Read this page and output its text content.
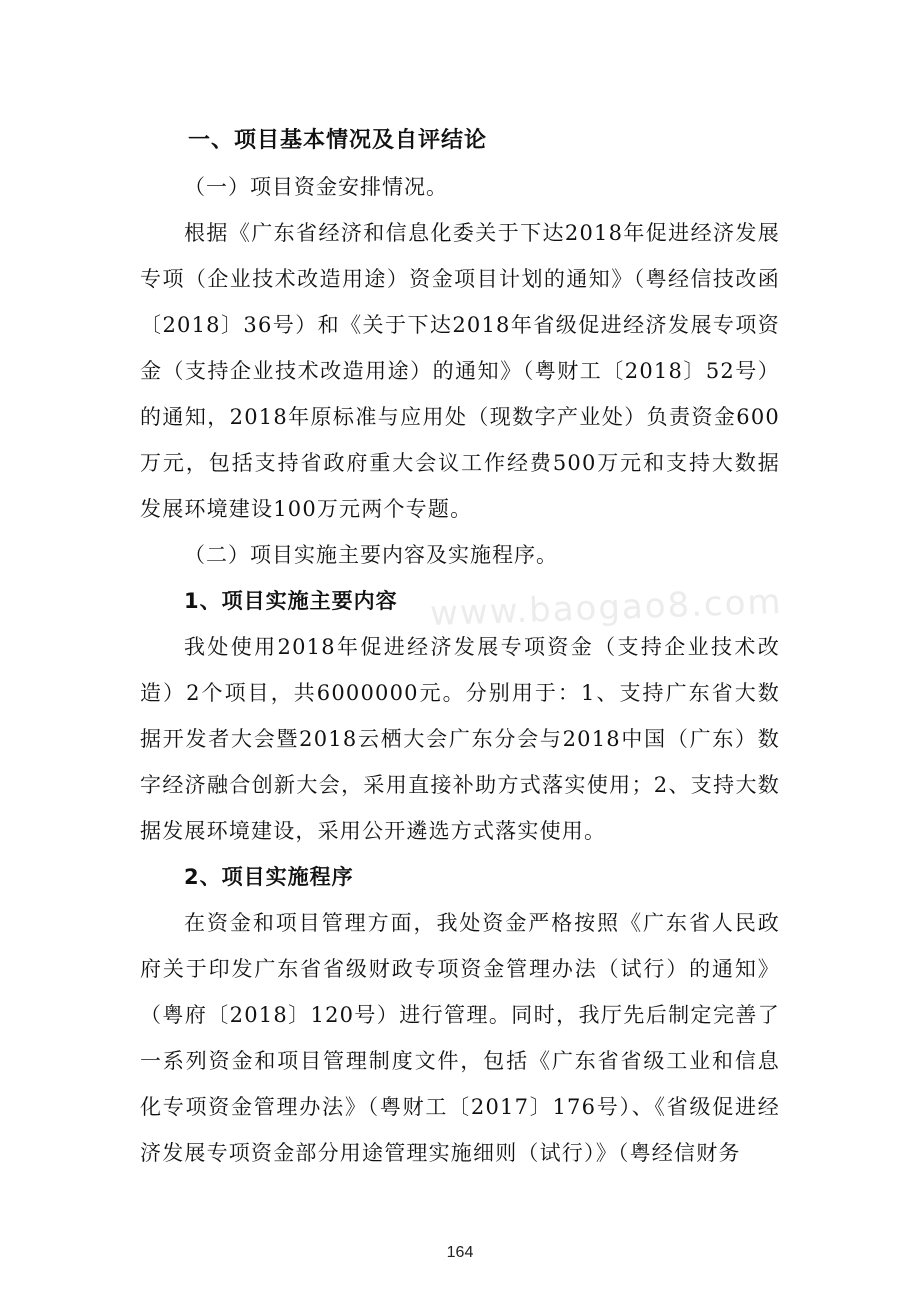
www.baogao8.com

一、项目基本情况及自评结论

（一）项目资金安排情况。

根据《广东省经济和信息化委关于下达2018年促进经济发展专项（企业技术改造用途）资金项目计划的通知》（粤经信技改函〔2018〕36号）和《关于下达2018年省级促进经济发展专项资金（支持企业技术改造用途）的通知》（粤财工〔2018〕52号）的通知，2018年原标准与应用处（现数字产业处）负责资金600万元，包括支持省政府重大会议工作经费500万元和支持大数据发展环境建设100万元两个专题。

（二）项目实施主要内容及实施程序。

1、项目实施主要内容

我处使用2018年促进经济发展专项资金（支持企业技术改造）2个项目，共6000000元。分别用于：1、支持广东省大数据开发者大会暨2018云栖大会广东分会与2018中国（广东）数字经济融合创新大会，采用直接补助方式落实使用；2、支持大数据发展环境建设，采用公开遴选方式落实使用。

2、项目实施程序

在资金和项目管理方面，我处资金严格按照《广东省人民政府关于印发广东省省级财政专项资金管理办法（试行）的通知》（粤府〔2018〕120号）进行管理。同时，我厅先后制定完善了一系列资金和项目管理制度文件，包括《广东省省级工业和信息化专项资金管理办法》（粤财工〔2017〕176号）、《省级促进经济发展专项资金部分用途管理实施细则（试行）》（粤经信财务

164
